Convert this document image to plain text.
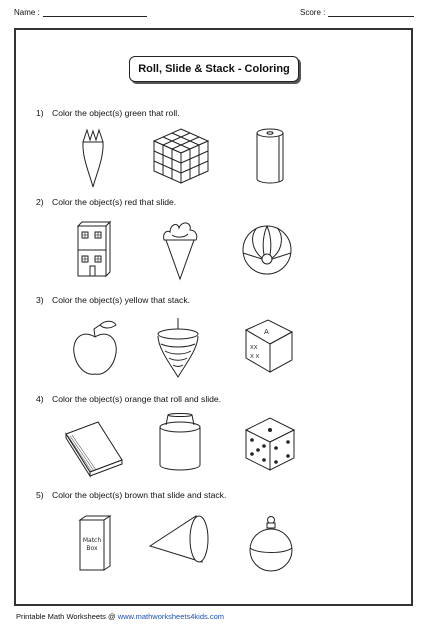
Name :	Score :
Roll, Slide & Stack - Coloring
1) Color the object(s) green that roll.
2) Color the object(s) red that slide.
3) Color the object(s) yellow that stack.
A
XX
X X
4) Color the object(s) orange that roll and slide.
5) Color the object(s) brown that slide and stack.
Match
Box
Printable Math Worksheets @ www.mathworksheets4kids.com
